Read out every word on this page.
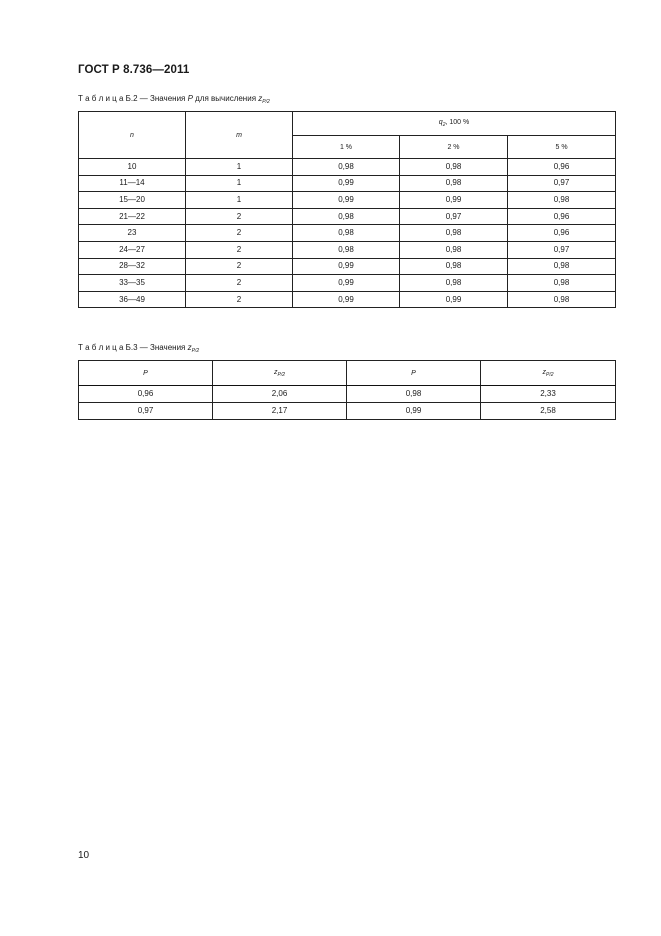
ГОСТ Р 8.736—2011
Т а б л и ц а Б.2 — Значения P для вычисления $z_{P/2}$
n	m	$q_2$, 100 %		
		1 %	2 %	5 %
10	1	0,98	0,98	0,96
11—14	1	0,99	0,98	0,97
15—20	1	0,99	0,99	0,98
21—22	2	0,98	0,97	0,96
23	2	0,98	0,98	0,96
24—27	2	0,98	0,98	0,97
28—32	2	0,99	0,98	0,98
33—35	2	0,99	0,98	0,98
36—49	2	0,99	0,99	0,98
Т а б л и ц а Б.3 — Значения $z_{P/2}$
P	$z_{P/2}$	P	$z_{P/2}$
0,96	2,06	0,98	2,33
0,97	2,17	0,99	2,58
10
